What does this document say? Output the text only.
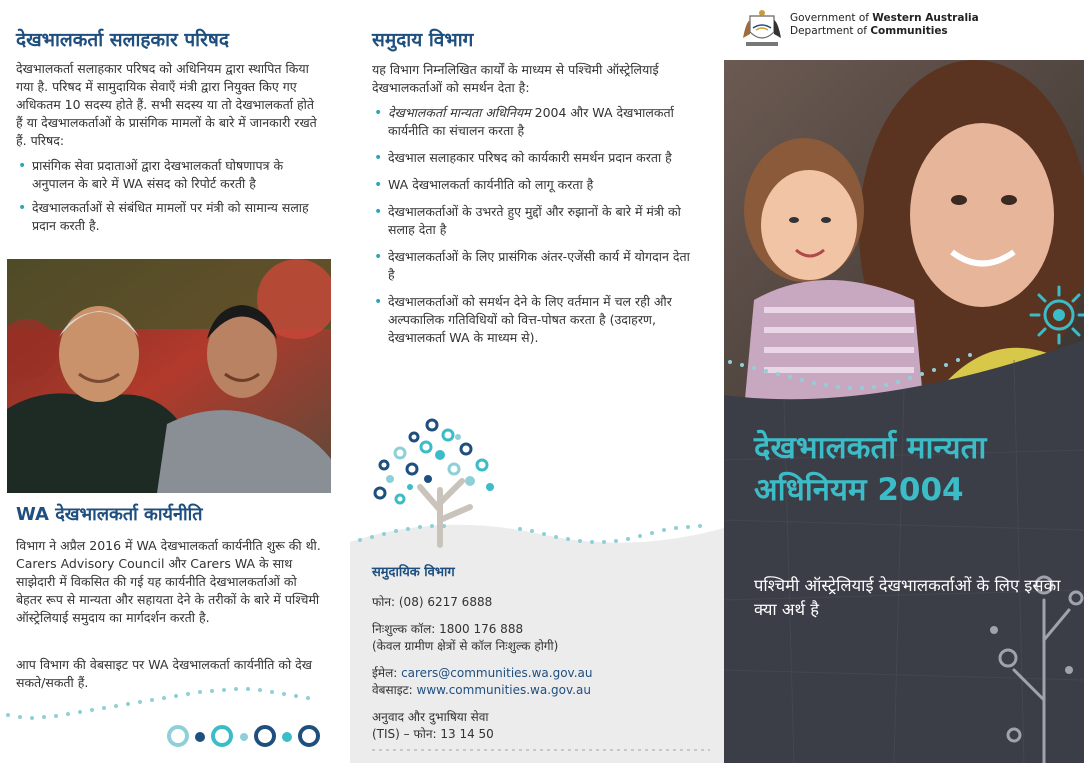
देखभालकर्ता सलाहकार परिषद
देखभालकर्ता सलाहकार परिषद को अधिनियम द्वारा स्थापित किया गया है. परिषद में सामुदायिक सेवाएँ मंत्री द्वारा नियुक्त किए गए अधिकतम 10 सदस्य होते हैं. सभी सदस्य या तो देखभालकर्ता होते हैं या देखभालकर्ताओं के प्रासंगिक मामलों के बारे में जानकारी रखते हैं. परिषद:
• प्रासंगिक सेवा प्रदाताओं द्वारा देखभालकर्ता घोषणापत्र के अनुपालन के बारे में WA संसद को रिपोर्ट करती है
• देखभालकर्ताओं से संबंधित मामलों पर मंत्री को सामान्य सलाह प्रदान करती है.
WA देखभालकर्ता कार्यनीति
विभाग ने अप्रैल 2016 में WA देखभालकर्ता कार्यनीति शुरू की थी. Carers Advisory Council और Carers WA के साथ साझेदारी में विकसित की गई यह कार्यनीति देखभालकर्ताओं को बेहतर रूप से मान्यता और सहायता देने के तरीकों के बारे में पश्चिमी ऑस्ट्रेलियाई समुदाय का मार्गदर्शन करती है.
आप विभाग की वेबसाइट पर WA देखभालकर्ता कार्यनीति को देख सकते/सकती हैं.
समुदाय विभाग
यह विभाग निम्नलिखित कार्यों के माध्यम से पश्चिमी ऑस्ट्रेलियाई देखभालकर्ताओं को समर्थन देता है:
• देखभालकर्ता मान्यता अधिनियम 2004 और WA देखभालकर्ता कार्यनीति का संचालन करता है
• देखभाल सलाहकार परिषद को कार्यकारी समर्थन प्रदान करता है
• WA देखभालकर्ता कार्यनीति को लागू करता है
• देखभालकर्ताओं के उभरते हुए मुद्दों और रुझानों के बारे में मंत्री को सलाह देता है
• देखभालकर्ताओं के लिए प्रासंगिक अंतर-एजेंसी कार्य में योगदान देता है
• देखभालकर्ताओं को समर्थन देने के लिए वर्तमान में चल रही और अल्पकालिक गतिविधियों को वित्त-पोषत करता है (उदाहरण, देखभालकर्ता WA के माध्यम से).
समुदायिक विभाग
फोन: (08) 6217 6888
निःशुल्क कॉल: 1800 176 888
(केवल ग्रामीण क्षेत्रों से कॉल निःशुल्क होगी)
ईमेल: carers@communities.wa.gov.au
वेबसाइट: www.communities.wa.gov.au
अनुवाद और दुभाषिया सेवा
(TIS) – फोन: 13 14 50
Government of Western Australia
Department of Communities
देखभालकर्ता मान्यता अधिनियम 2004
पश्चिमी ऑस्ट्रेलियाई देखभालकर्ताओं के लिए इसका क्या अर्थ है
